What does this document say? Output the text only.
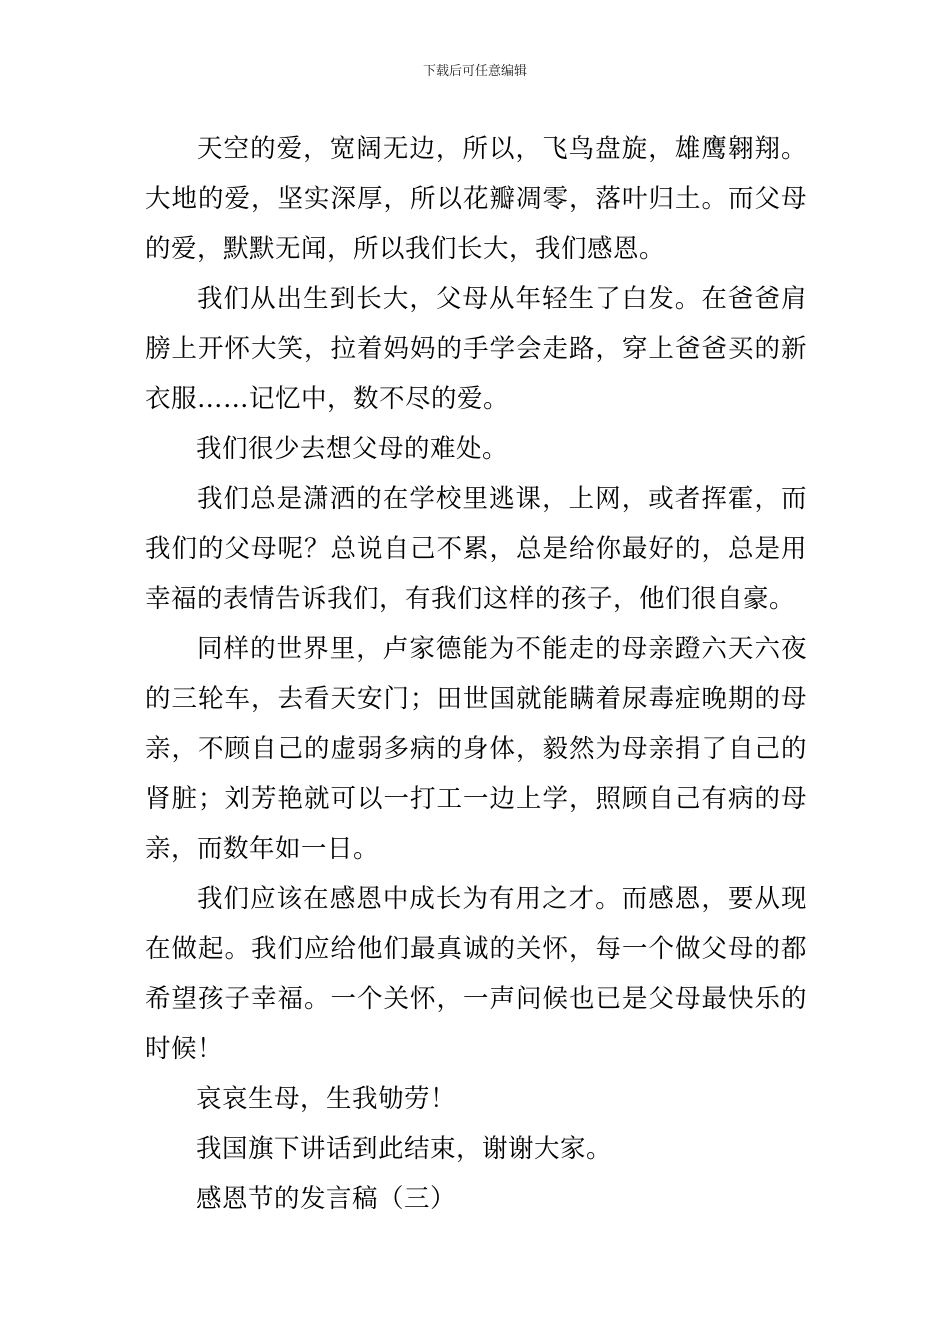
下载后可任意编辑

天空的爱，宽阔无边，所以，飞鸟盘旋，雄鹰翱翔。大地的爱，坚实深厚，所以花瓣凋零，落叶归土。而父母的爱，默默无闻，所以我们长大，我们感恩。

我们从出生到长大，父母从年轻生了白发。在爸爸肩膀上开怀大笑，拉着妈妈的手学会走路，穿上爸爸买的新衣服……记忆中，数不尽的爱。

我们很少去想父母的难处。

我们总是潇洒的在学校里逃课，上网，或者挥霍，而我们的父母呢？总说自己不累，总是给你最好的，总是用幸福的表情告诉我们，有我们这样的孩子，他们很自豪。

同样的世界里，卢家德能为不能走的母亲蹬六天六夜的三轮车，去看天安门；田世国就能瞒着尿毒症晚期的母亲，不顾自己的虚弱多病的身体，毅然为母亲捐了自己的肾脏；刘芳艳就可以一打工一边上学，照顾自己有病的母亲，而数年如一日。

我们应该在感恩中成长为有用之才。而感恩，要从现在做起。我们应给他们最真诚的关怀，每一个做父母的都希望孩子幸福。一个关怀，一声问候也已是父母最快乐的时候！

哀哀生母，生我劬劳！

我国旗下讲话到此结束，谢谢大家。

感恩节的发言稿（三）
